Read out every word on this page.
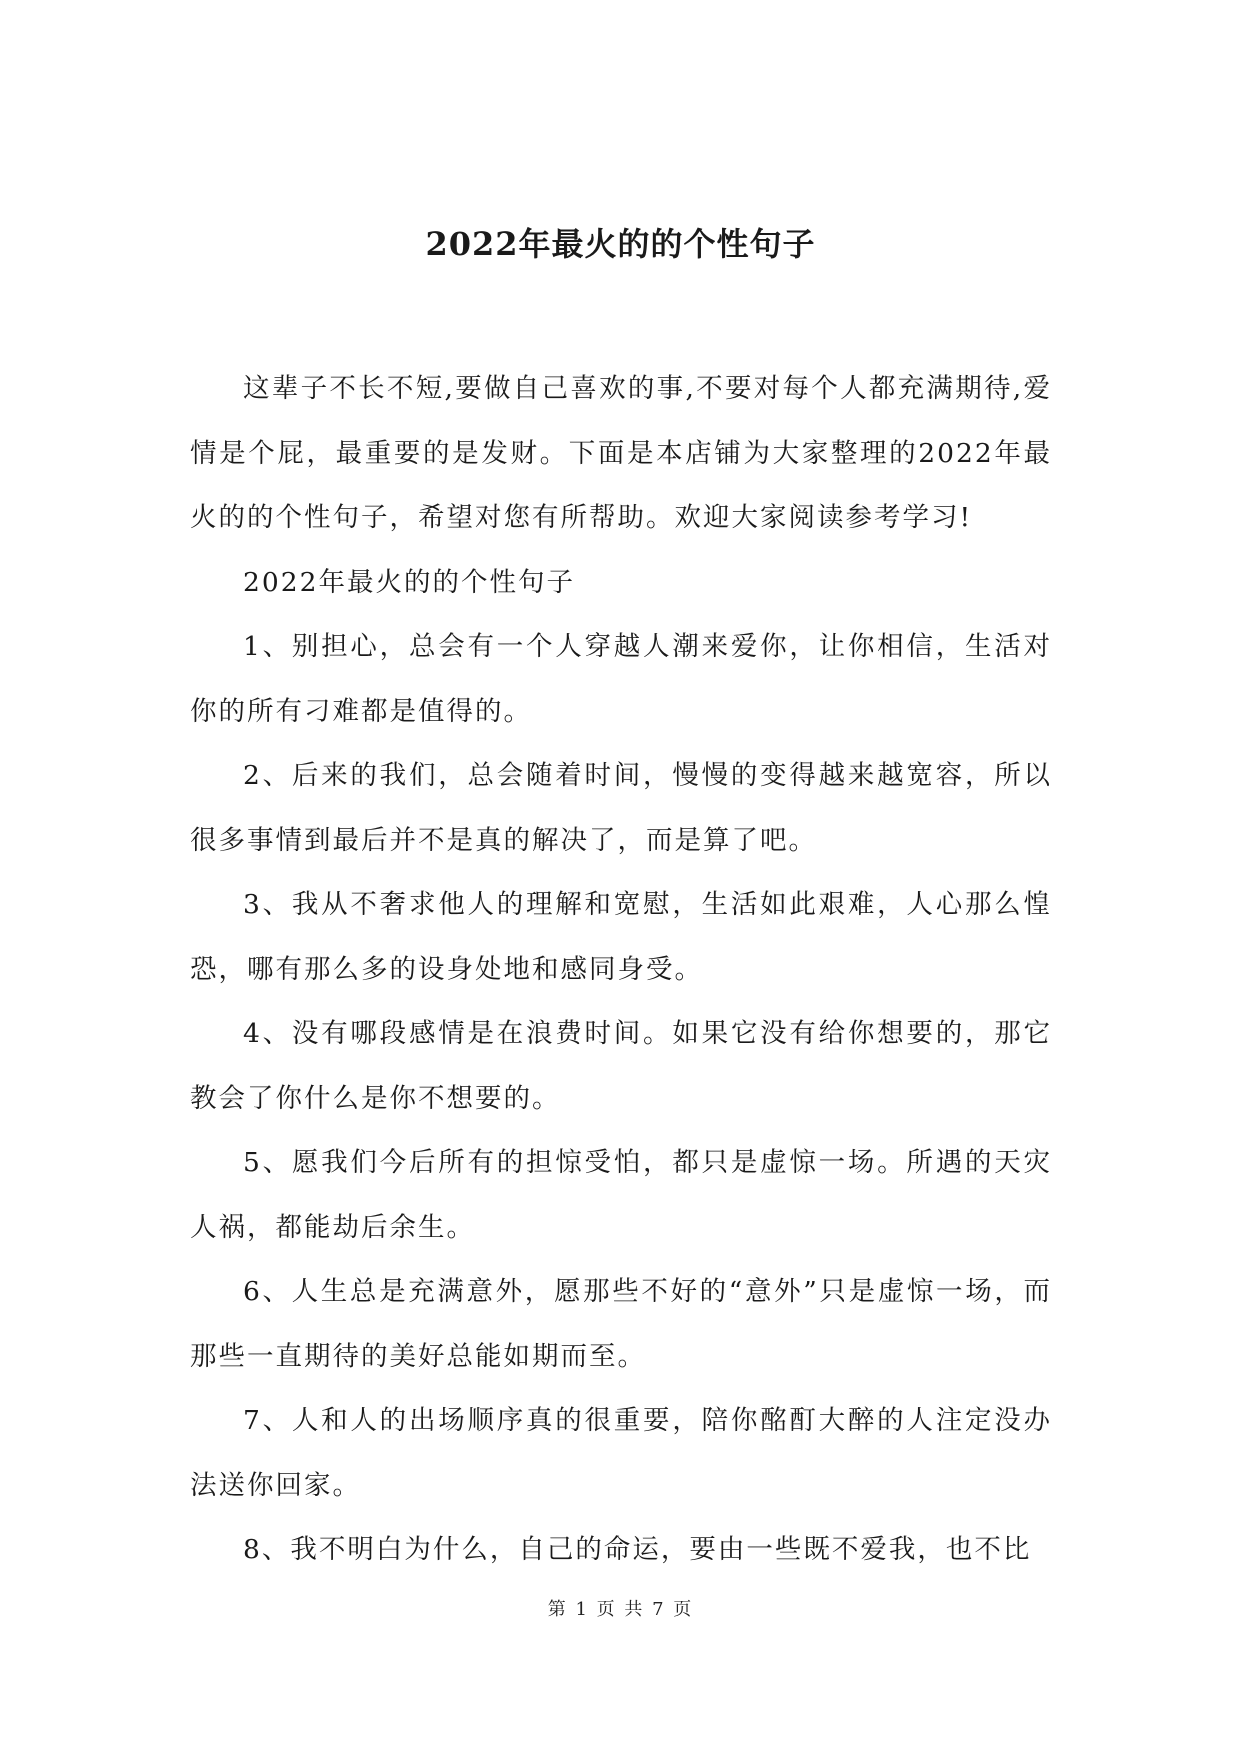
2022年最火的的个性句子

这辈子不长不短,要做自己喜欢的事,不要对每个人都充满期待,爱情是个屁，最重要的是发财。下面是本店铺为大家整理的2022年最火的的个性句子，希望对您有所帮助。欢迎大家阅读参考学习!

2022年最火的的个性句子

1、别担心，总会有一个人穿越人潮来爱你，让你相信，生活对你的所有刁难都是值得的。

2、后来的我们，总会随着时间，慢慢的变得越来越宽容，所以很多事情到最后并不是真的解决了，而是算了吧。

3、我从不奢求他人的理解和宽慰，生活如此艰难，人心那么惶恐，哪有那么多的设身处地和感同身受。

4、没有哪段感情是在浪费时间。如果它没有给你想要的，那它教会了你什么是你不想要的。

5、愿我们今后所有的担惊受怕，都只是虚惊一场。所遇的天灾人祸，都能劫后余生。

6、人生总是充满意外，愿那些不好的“意外”只是虚惊一场，而那些一直期待的美好总能如期而至。

7、人和人的出场顺序真的很重要，陪你酩酊大醉的人注定没办法送你回家。

8、我不明白为什么，自己的命运，要由一些既不爱我，也不比

第 1 页 共 7 页
